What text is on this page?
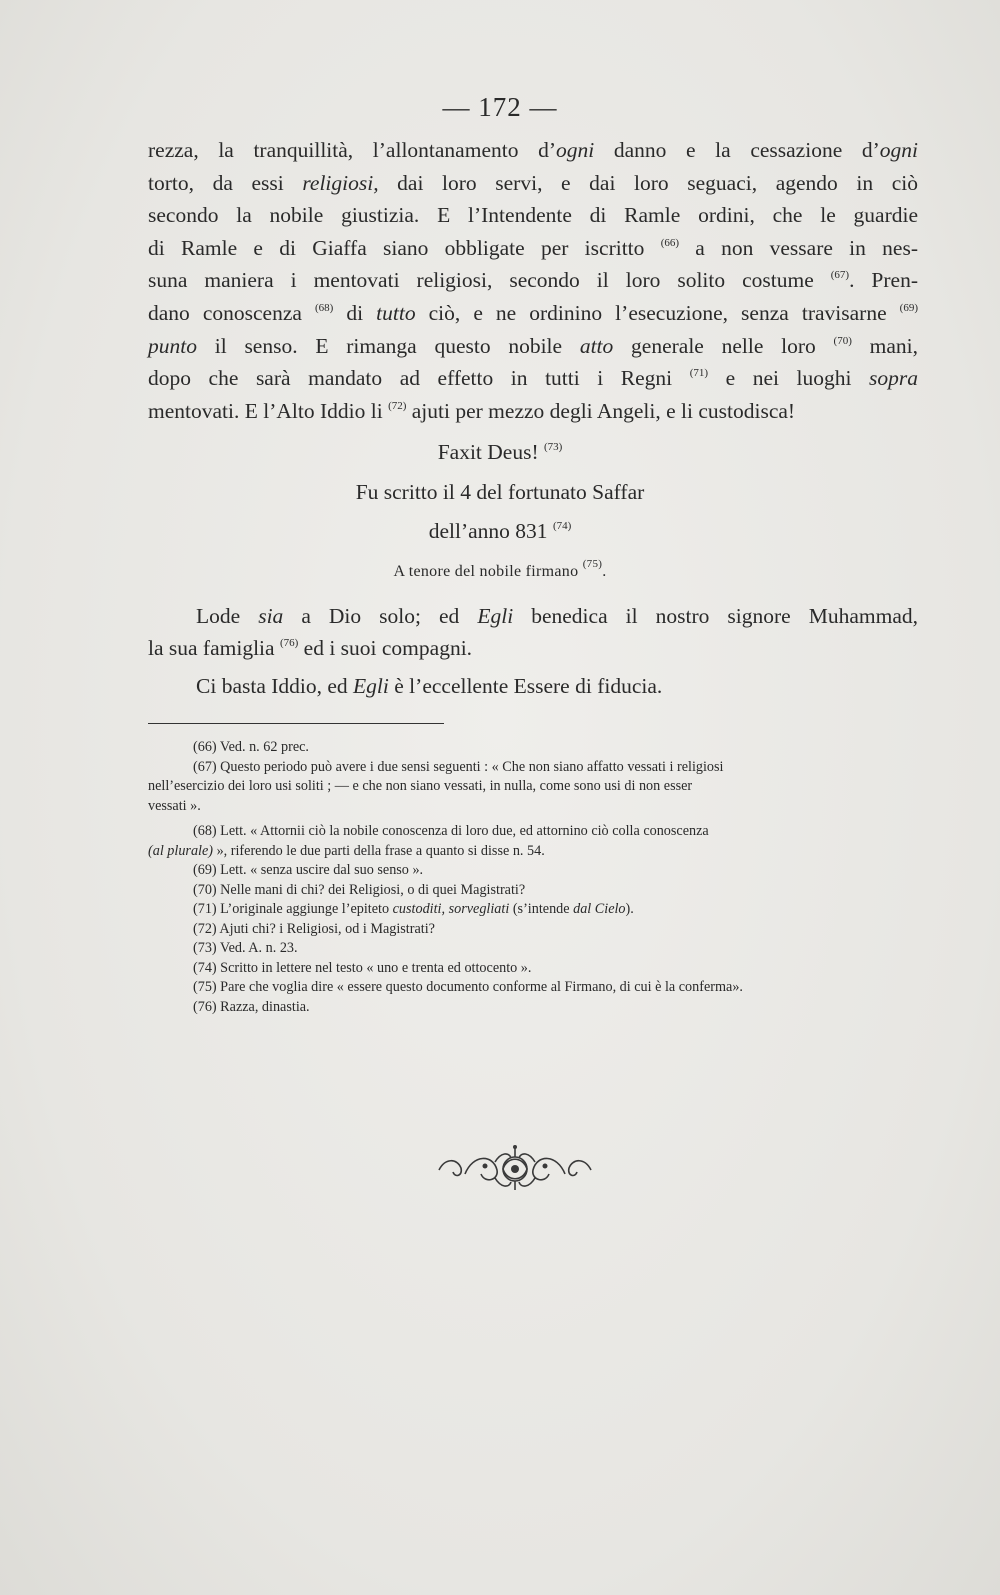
— 172 —
rezza, la tranquillità, l’allontanamento d’ogni danno e la cessazione d’ogni
torto, da essi religiosi, dai loro servi, e dai loro seguaci, agendo in ciò
secondo la nobile giustizia. E l’Intendente di Ramle ordini, che le guardie
di Ramle e di Giaffa siano obbligate per iscritto $^{(66)}$ a non vessare in nes-
suna maniera i mentovati religiosi, secondo il loro solito costume $^{(67)}$. Pren-
dano conoscenza $^{(68)}$ di tutto ciò, e ne ordinino l’esecuzione, senza travisarne $^{(69)}$
punto il senso. E rimanga questo nobile atto generale nelle loro $^{(70)}$ mani,
dopo che sarà mandato ad effetto in tutti i Regni $^{(71)}$ e nei luoghi sopra
mentovati. E l’Alto Iddio li $^{(72)}$ ajuti per mezzo degli Angeli, e li custodisca!
Faxit Deus! $^{(73)}$
Fu scritto il 4 del fortunato Saffar
dell’anno 831 $^{(74)}$
A tenore del nobile firmano $^{(75)}$.
Lode sia a Dio solo; ed Egli benedica il nostro signore Muhammad,
la sua famiglia $^{(76)}$ ed i suoi compagni.
Ci basta Iddio, ed Egli è l’eccellente Essere di fiducia.
(66) Ved. n. 62 prec.
(67) Questo periodo può avere i due sensi seguenti : « Che non siano affatto vessati i religiosi
nell’esercizio dei loro usi soliti ; — e che non siano vessati, in nulla, come sono usi di non esser
vessati ».
(68) Lett. « Attornii ciò la nobile conoscenza di loro due, ed attornino ciò colla conoscenza
(al plurale) », riferendo le due parti della frase a quanto si disse n. 54.
(69) Lett. « senza uscire dal suo senso ».
(70) Nelle mani di chi? dei Religiosi, o di quei Magistrati?
(71) L’originale aggiunge l’epiteto custoditi, sorvegliati (s’intende dal Cielo).
(72) Ajuti chi? i Religiosi, od i Magistrati?
(73) Ved. A. n. 23.
(74) Scritto in lettere nel testo « uno e trenta ed ottocento ».
(75) Pare che voglia dire « essere questo documento conforme al Firmano, di cui è la conferma».
(76) Razza, dinastia.
